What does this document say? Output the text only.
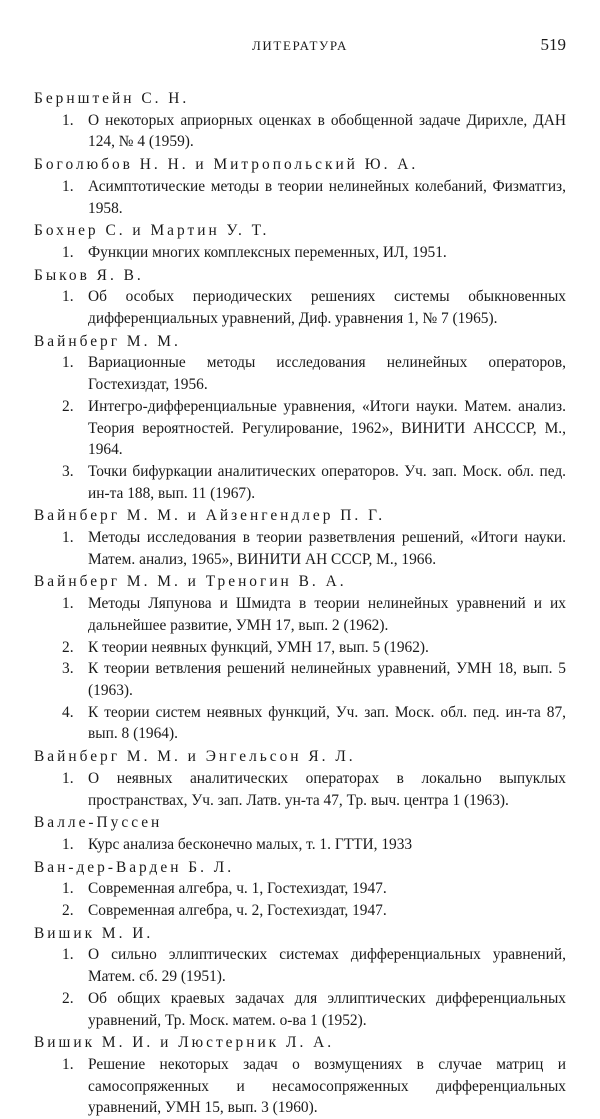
ЛИТЕРАТУРА	519
Бернштейн С. Н.
1. О некоторых априорных оценках в обобщенной задаче Дирихле, ДАН 124, № 4 (1959).
Боголюбов Н. Н. и Митропольский Ю. А.
1. Асимптотические методы в теории нелинейных колебаний, Физматгиз, 1958.
Бохнер С. и Мартин У. Т.
1. Функции многих комплексных переменных, ИЛ, 1951.
Быков Я. В.
1. Об особых периодических решениях системы обыкновенных дифференциальных уравнений, Диф. уравнения 1, № 7 (1965).
Вайнберг М. М.
1. Вариационные методы исследования нелинейных операторов, Гостехиздат, 1956.
2. Интегро-дифференциальные уравнения, «Итоги науки. Матем. анализ. Теория вероятностей. Регулирование, 1962», ВИНИТИ АНСССР, М., 1964.
3. Точки бифуркации аналитических операторов. Уч. зап. Моск. обл. пед. ин-та 188, вып. 11 (1967).
Вайнберг М. М. и Айзенгендлер П. Г.
1. Методы исследования в теории разветвления решений, «Итоги науки. Матем. анализ, 1965», ВИНИТИ АН СССР, М., 1966.
Вайнберг М. М. и Треногин В. А.
1. Методы Ляпунова и Шмидта в теории нелинейных уравнений и их дальнейшее развитие, УМН 17, вып. 2 (1962).
2. К теории неявных функций, УМН 17, вып. 5 (1962).
3. К теории ветвления решений нелинейных уравнений, УМН 18, вып. 5 (1963).
4. К теории систем неявных функций, Уч. зап. Моск. обл. пед. ин-та 87, вып. 8 (1964).
Вайнберг М. М. и Энгельсон Я. Л.
1. О неявных аналитических операторах в локально выпуклых пространствах, Уч. зап. Латв. ун-та 47, Тр. выч. центра 1 (1963).
Валле-Пуссен
1. Курс анализа бесконечно малых, т. 1. ГТТИ, 1933
Ван-дер-Варден Б. Л.
1. Современная алгебра, ч. 1, Гостехиздат, 1947.
2. Современная алгебра, ч. 2, Гостехиздат, 1947.
Вишик М. И.
1. О сильно эллиптических системах дифференциальных уравнений, Матем. сб. 29 (1951).
2. Об общих краевых задачах для эллиптических дифференциальных уравнений, Тр. Моск. матем. о-ва 1 (1952).
Вишик М. И. и Люстерник Л. А.
1. Решение некоторых задач о возмущениях в случае матриц и самосопряженных и несамосопряженных дифференциальных уравнений, УМН 15, вып. 3 (1960).
